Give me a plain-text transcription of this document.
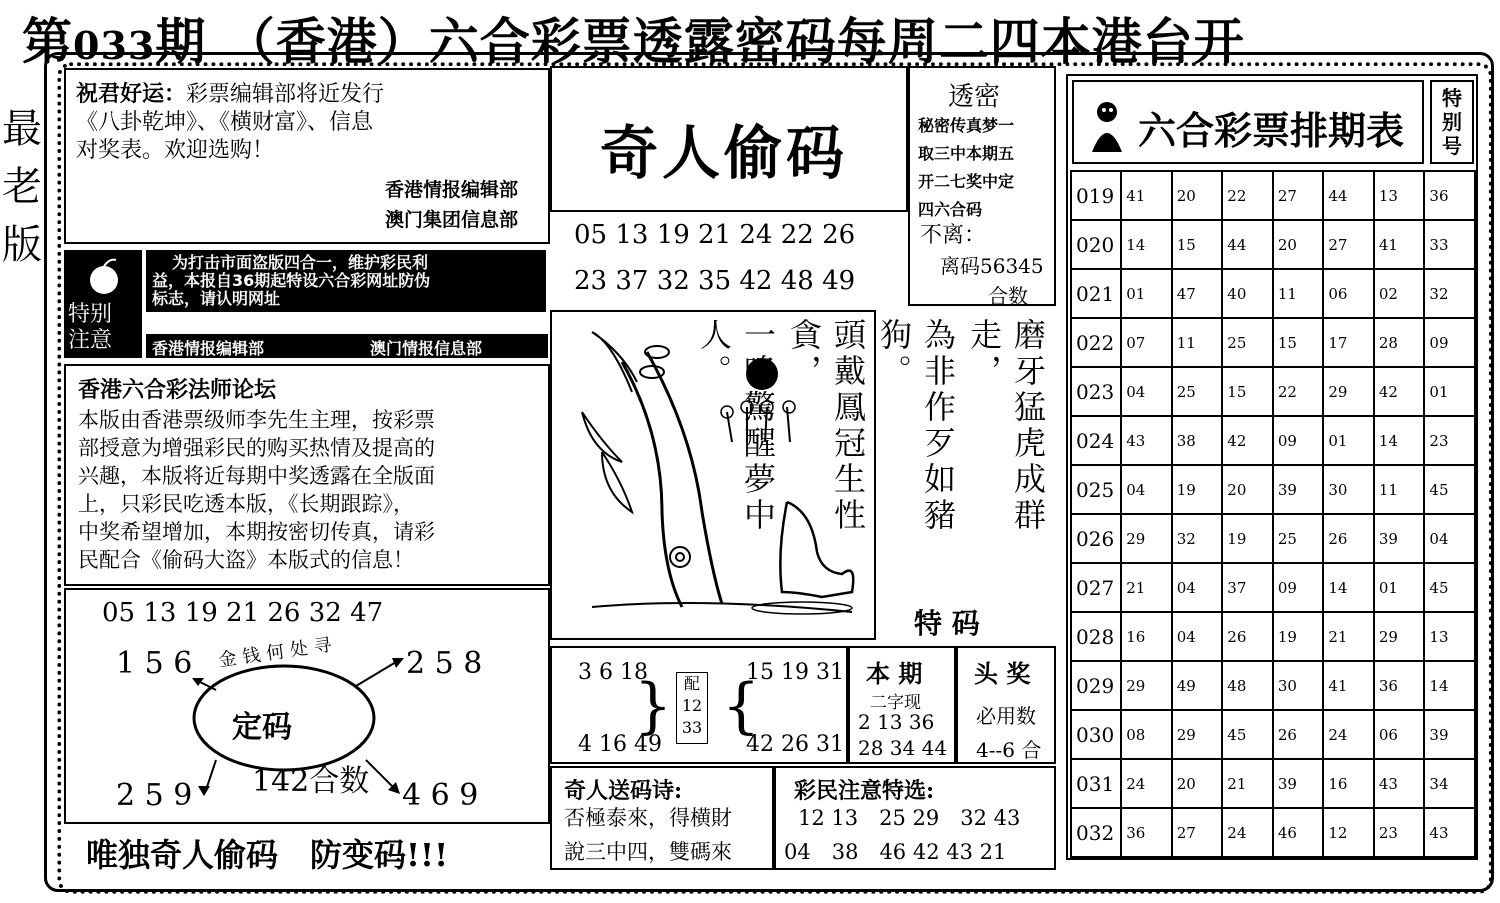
第033期 （香港）六合彩票透露密码每周二四本港台开
最
老
版
祝君好运：彩票编辑部将近发行
《八卦乾坤》、《横财富》、信息
对奖表。欢迎选购！
香港情报编辑部
澳门集团信息部
特别
注意
为打击市面盗版四合一，维护彩民利
益，本报自36期起特设六合彩网址防伪
标志，请认明网址
香港情报编辑部	澳门情报信息部
香港六合彩法师论坛
本版由香港票级师李先生主理，按彩票
部授意为增强彩民的购买热情及提高的
兴趣，本版将近每期中奖透露在全版面
上，只彩民吃透本版，《长期跟踪》，
中奖希望增加，本期按密切传真，请彩
民配合《偷码大盗》本版式的信息！
05 13 19 21 26 32 47
1 5 6	2 5 8
金钱何处寻
定码
142合数
2 5 9	4 6 9
唯独奇人偷码　防变码!!!
奇人偷码
05 13 19 21 24 22 26
23 37 32 35 42 48 49
透密
秘密传真梦一
取三中本期五
开二七奖中定
四六合码
不离：
离码56345
合数
磨牙猛虎成群走，
為非作歹如豬狗。
頭戴鳳冠生性貪，
一鳴驚醒夢中人。
特 码
3 6 18
4 16 49
} 配
12
33 {
15 19 31
42 26 31
本 期
二字现
2 13 36
28 34 44
头 奖
必用数
4--6 合
奇人送码诗:
否極泰來，得横財
說三中四，雙碼來
彩民注意特选:
12 13　25 29　32 43
04　38　46 42 43 21
六合彩票排期表
特
别
号
019	41	20	22	27	44	13	36
020	14	15	44	20	27	41	33
021	01	47	40	11	06	02	32
022	07	11	25	15	17	28	09
023	04	25	15	22	29	42	01
024	43	38	42	09	01	14	23
025	04	19	20	39	30	11	45
026	29	32	19	25	26	39	04
027	21	04	37	09	14	01	45
028	16	04	26	19	21	29	13
029	29	49	48	30	41	36	14
030	08	29	45	26	24	06	39
031	24	20	21	39	16	43	34
032	36	27	24	46	12	23	43
